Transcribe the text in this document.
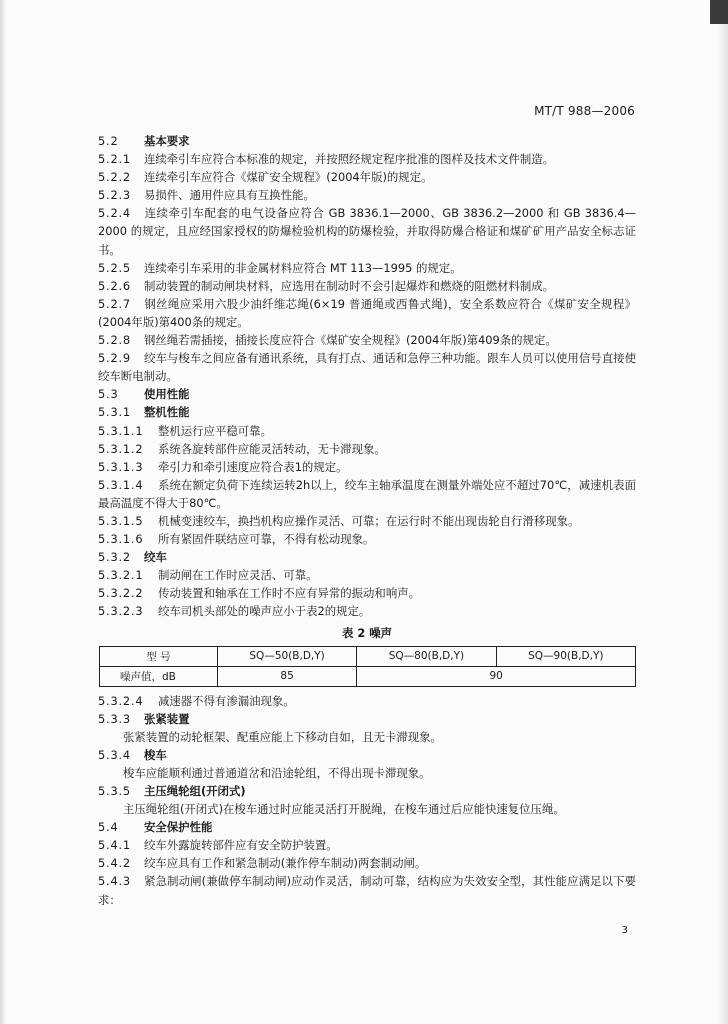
MT/T 988—2006
5.2 基本要求
5.2.1 连续牵引车应符合本标准的规定，并按照经规定程序批准的图样及技术文件制造。
5.2.2 连续牵引车应符合《煤矿安全规程》(2004年版)的规定。
5.2.3 易损件、通用件应具有互换性能。
5.2.4 连续牵引车配套的电气设备应符合 GB 3836.1—2000、GB 3836.2—2000 和 GB 3836.4—2000 的规定，且应经国家授权的防爆检验机构的防爆检验，并取得防爆合格证和煤矿矿用产品安全标志证书。
5.2.5 连续牵引车采用的非金属材料应符合 MT 113—1995 的规定。
5.2.6 制动装置的制动闸块材料，应选用在制动时不会引起爆炸和燃烧的阻燃材料制成。
5.2.7 钢丝绳应采用六股少油纤维芯绳(6×19 普通绳或西鲁式绳)，安全系数应符合《煤矿安全规程》(2004年版)第400条的规定。
5.2.8 钢丝绳若需插接，插接长度应符合《煤矿安全规程》(2004年版)第409条的规定。
5.2.9 绞车与梭车之间应备有通讯系统，具有打点、通话和急停三种功能。跟车人员可以使用信号直接使绞车断电制动。
5.3 使用性能
5.3.1 整机性能
5.3.1.1 整机运行应平稳可靠。
5.3.1.2 系统各旋转部件应能灵活转动，无卡滞现象。
5.3.1.3 牵引力和牵引速度应符合表1的规定。
5.3.1.4 系统在额定负荷下连续运转2h以上，绞车主轴承温度在测量外端处应不超过70℃，减速机表面最高温度不得大于80℃。
5.3.1.5 机械变速绞车，换挡机构应操作灵活、可靠；在运行时不能出现齿轮自行滑移现象。
5.3.1.6 所有紧固件联结应可靠，不得有松动现象。
5.3.2 绞车
5.3.2.1 制动闸在工作时应灵活、可靠。
5.3.2.2 传动装置和轴承在工作时不应有异常的振动和响声。
5.3.2.3 绞车司机头部处的噪声应小于表2的规定。
表 2 噪声
型 号	SQ—50(B,D,Y)	SQ—80(B,D,Y)	SQ—90(B,D,Y)
噪声值，dB	85	90	
5.3.2.4 减速器不得有渗漏油现象。
5.3.3 张紧装置
张紧装置的动轮框架、配重应能上下移动自如，且无卡滞现象。
5.3.4 梭车
梭车应能顺利通过普通道岔和沿途轮组，不得出现卡滞现象。
5.3.5 主压绳轮组(开闭式)
主压绳轮组(开闭式)在梭车通过时应能灵活打开脱绳，在梭车通过后应能快速复位压绳。
5.4 安全保护性能
5.4.1 绞车外露旋转部件应有安全防护装置。
5.4.2 绞车应具有工作和紧急制动(兼作停车制动)两套制动闸。
5.4.3 紧急制动闸(兼做停车制动闸)应动作灵活，制动可靠，结构应为失效安全型，其性能应满足以下要求：
3
